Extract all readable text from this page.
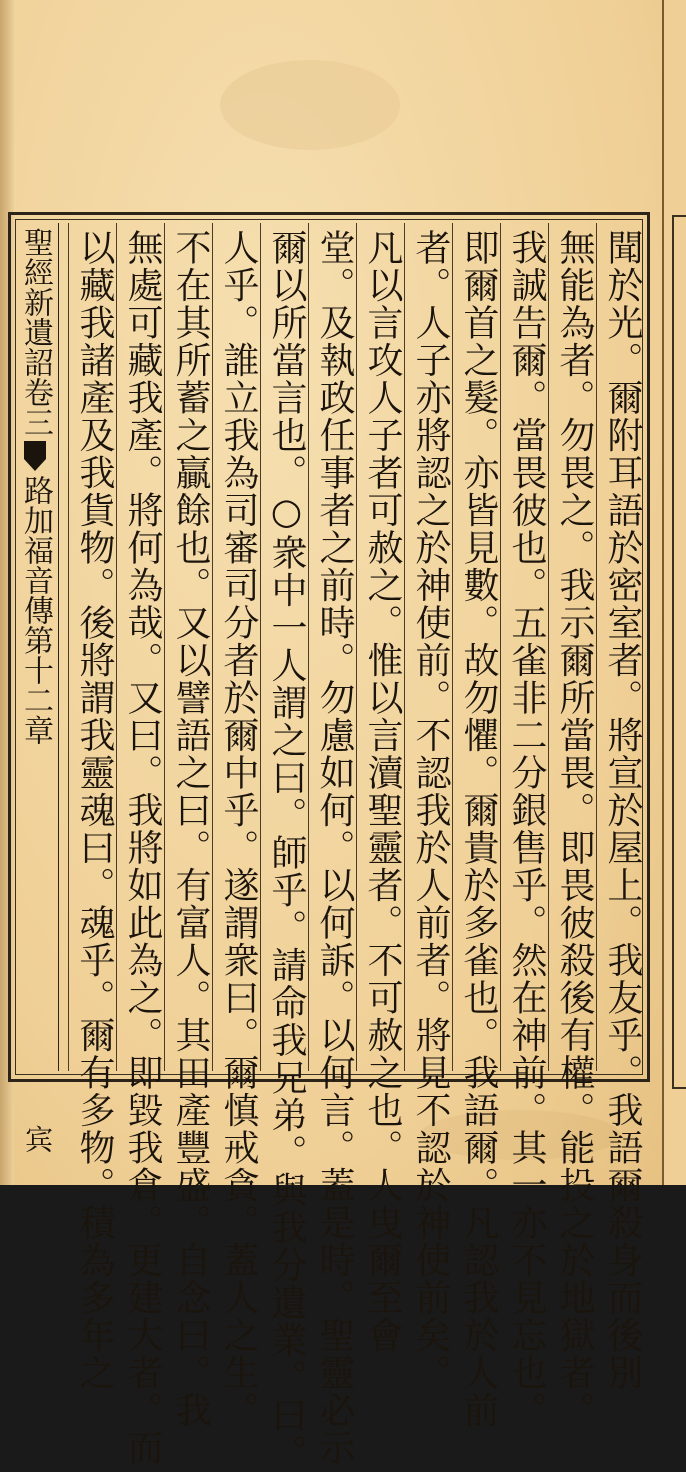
聞於光。爾附耳語於密室者。將宣於屋上。我友乎。我語爾殺身而後別
無能為者。勿畏之。我示爾所當畏。即畏彼殺後有權。能投之於地獄者。
我誠告爾。當畏彼也。五雀非二分銀售乎。然在神前。其一亦不見忘也。
即爾首之髮。亦皆見數。故勿懼。爾貴於多雀也。我語爾。凡認我於人前
者。人子亦將認之於神使前。不認我於人前者。將見不認於神使前矣。
凡以言攻人子者可赦之。惟以言瀆聖靈者。不可赦之也。人曳爾至會
堂。及執政任事者之前時。勿慮如何。以何訴。以何言。蓋是時。聖靈必示
爾以所當言也。○衆中一人謂之曰。師乎。請命我兄弟。與我分遺業。曰。
人乎。誰立我為司審司分者於爾中乎。遂謂衆曰。爾慎戒貪。蓋人之生。
不在其所蓄之贏餘也。又以譬語之曰。有富人。其田產豐盛。自念曰。我
無處可藏我產。將何為哉。又曰。我將如此為之。即毀我倉。更建大者。而
以藏我諸產及我貨物。後將謂我靈魂曰。魂乎。爾有多物。積為多年之
聖經新遺詔卷三路加福音傳第十二章
宾
